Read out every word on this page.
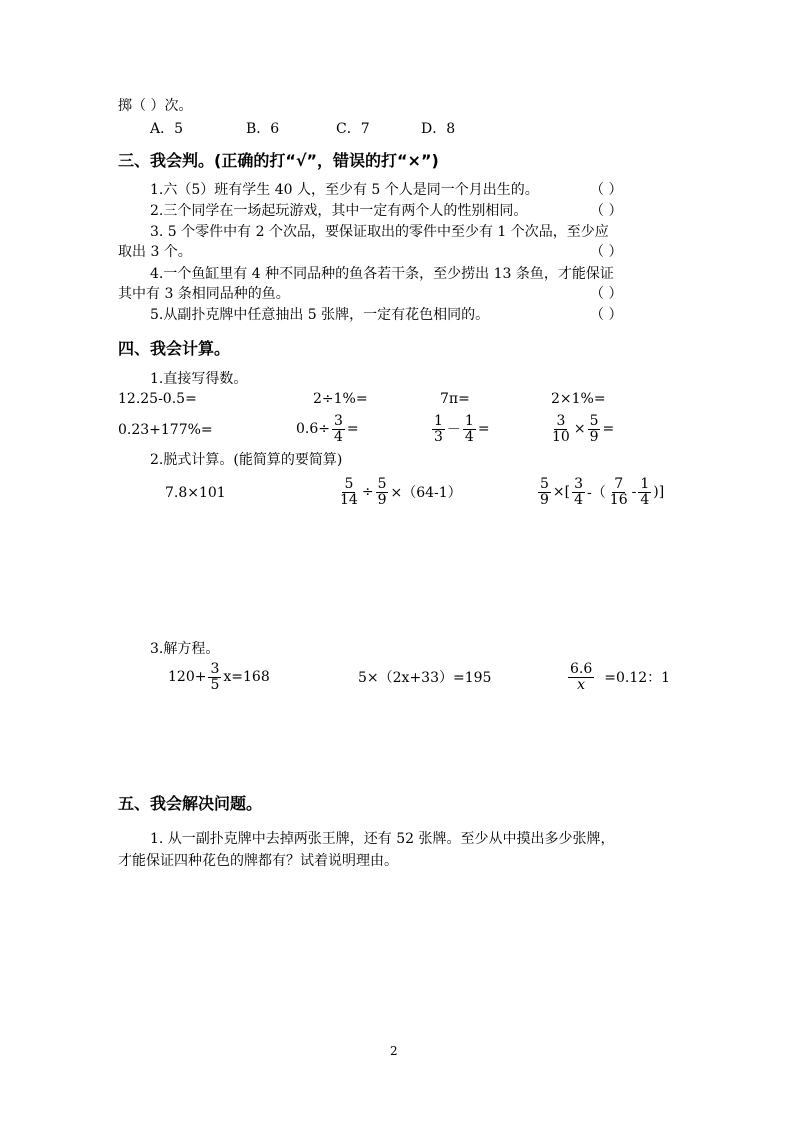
掷（ ）次。
A．5	B．6	C．7	D．8
三、我会判。(正确的打“√”，错误的打“×”)
1.六（5）班有学生 40 人，至少有 5 个人是同一个月出生的。	（ ）
2.三个同学在一场起玩游戏，其中一定有两个人的性别相同。	（ ）
3. 5 个零件中有 2 个次品，要保证取出的零件中至少有 1 个次品，至少应
取出 3 个。	（ ）
4.一个鱼缸里有 4 种不同品种的鱼各若干条，至少捞出 13 条鱼，才能保证
其中有 3 条相同品种的鱼。	（ ）
5.从副扑克牌中任意抽出 5 张牌，一定有花色相同的。	（ ）
四、我会计算。
1.直接写得数。
12.25-0.5=	2÷1%=	7π=	2×1%=
0.23+177%=	$0.6\div \frac{3}{4}$ =	$\frac{1}{3} - \frac{1}{4}$ =	$\frac{3}{10} \times \frac{5}{9}$ =
2.脱式计算。(能简算的要简算)
7.8×101	$\frac{5}{14} \div \frac{5}{9} \times(64-1)$	$\frac{5}{9}$ ×[ $\frac{3}{4}$ -（ $\frac{7}{16} - \frac{1}{4}$ )]
3.解方程。
$120+ \frac{3}{5} x=168$	5×（2x+33）=195	$\frac{6.6}{x} =0.12$：1
五、我会解决问题。
1. 从一副扑克牌中去掉两张王牌，还有 52 张牌。至少从中摸出多少张牌，
才能保证四种花色的牌都有？试着说明理由。
2
